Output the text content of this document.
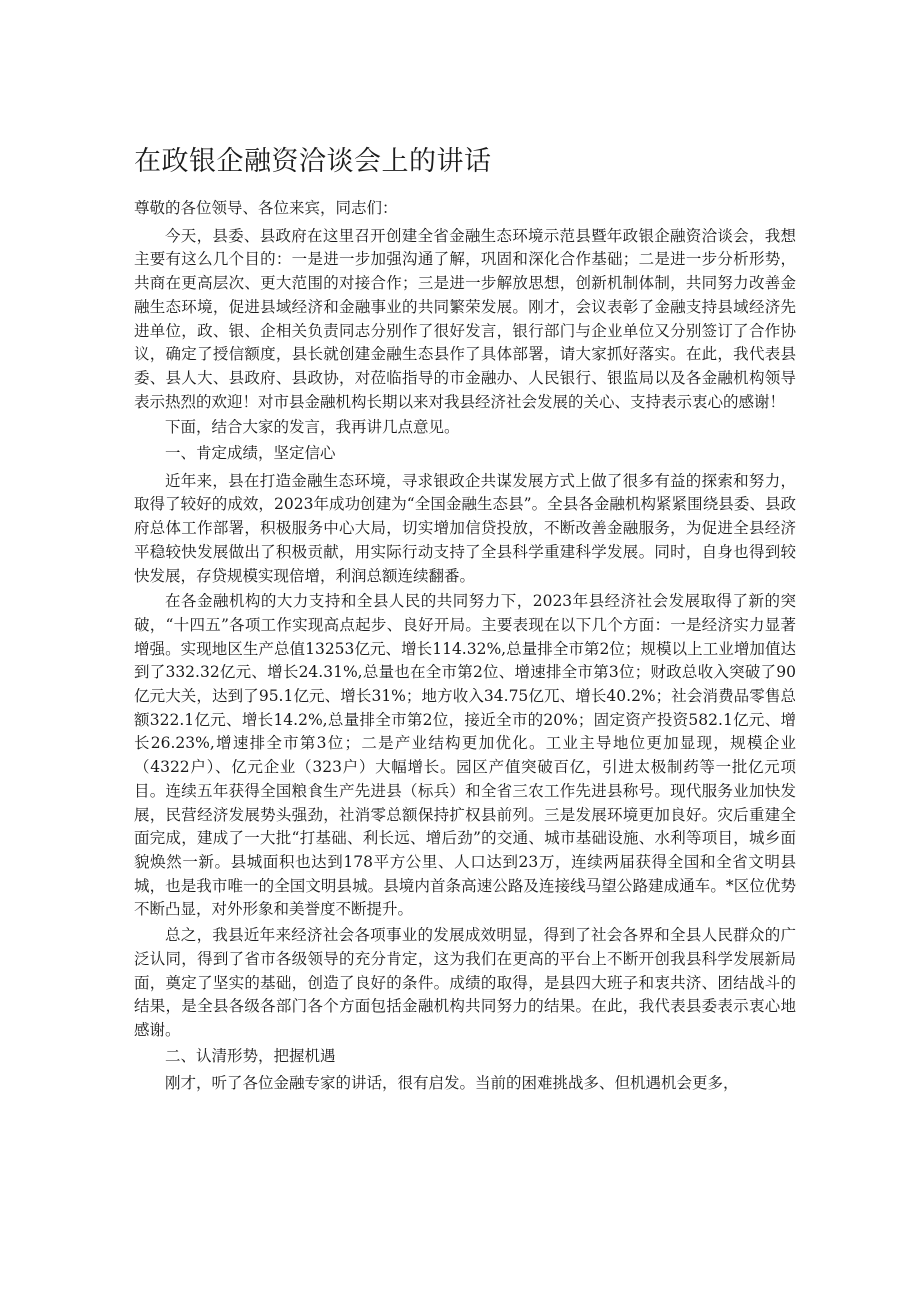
在政银企融资洽谈会上的讲话

尊敬的各位领导、各位来宾，同志们：

今天，县委、县政府在这里召开创建全省金融生态环境示范县暨年政银企融资洽谈会，我想主要有这么几个目的：一是进一步加强沟通了解，巩固和深化合作基础；二是进一步分析形势，共商在更高层次、更大范围的对接合作；三是进一步解放思想，创新机制体制，共同努力改善金融生态环境，促进县域经济和金融事业的共同繁荣发展。刚才，会议表彰了金融支持县域经济先进单位，政、银、企相关负责同志分别作了很好发言，银行部门与企业单位又分别签订了合作协议，确定了授信额度，县长就创建金融生态县作了具体部署，请大家抓好落实。在此，我代表县委、县人大、县政府、县政协，对莅临指导的市金融办、人民银行、银监局以及各金融机构领导表示热烈的欢迎！对市县金融机构长期以来对我县经济社会发展的关心、支持表示衷心的感谢！

下面，结合大家的发言，我再讲几点意见。

一、肯定成绩，坚定信心

近年来，县在打造金融生态环境，寻求银政企共谋发展方式上做了很多有益的探索和努力，取得了较好的成效，2023年成功创建为“全国金融生态县”。全县各金融机构紧紧围绕县委、县政府总体工作部署，积极服务中心大局，切实增加信贷投放，不断改善金融服务，为促进全县经济平稳较快发展做出了积极贡献，用实际行动支持了全县科学重建科学发展。同时，自身也得到较快发展，存贷规模实现倍增，利润总额连续翻番。

在各金融机构的大力支持和全县人民的共同努力下，2023年县经济社会发展取得了新的突破，“十四五”各项工作实现高点起步、良好开局。主要表现在以下几个方面：一是经济实力显著增强。实现地区生产总值13253亿元、增长114.32%,总量排全市第2位；规模以上工业增加值达到了332.32亿元、增长24.31%,总量也在全市第2位、增速排全市第3位；财政总收入突破了90亿元大关，达到了95.1亿元、增长31%；地方收入34.75亿兀、增长40.2%；社会消费品零售总额322.1亿元、增长14.2%,总量排全市第2位，接近全市的20%；固定资产投资582.1亿元、增长26.23%,增速排全市第3位；二是产业结构更加优化。工业主导地位更加显现，规模企业（4322户）、亿元企业（323户）大幅增长。园区产值突破百亿，引进太极制药等一批亿元项目。连续五年获得全国粮食生产先进县（标兵）和全省三农工作先进县称号。现代服务业加快发展，民营经济发展势头强劲，社消零总额保持扩权县前列。三是发展环境更加良好。灾后重建全面完成，建成了一大批“打基础、利长远、增后劲”的交通、城市基础设施、水利等项目，城乡面貌焕然一新。县城面积也达到178平方公里、人口达到23万，连续两届获得全国和全省文明县城，也是我市唯一的全国文明县城。县境内首条高速公路及连接线马望公路建成通车。*区位优势不断凸显，对外形象和美誉度不断提升。

总之，我县近年来经济社会各项事业的发展成效明显，得到了社会各界和全县人民群众的广泛认同，得到了省市各级领导的充分肯定，这为我们在更高的平台上不断开创我县科学发展新局面，奠定了坚实的基础，创造了良好的条件。成绩的取得，是县四大班子和衷共济、团结战斗的结果，是全县各级各部门各个方面包括金融机构共同努力的结果。在此，我代表县委表示衷心地感谢。

二、认清形势，把握机遇

刚才，听了各位金融专家的讲话，很有启发。当前的困难挑战多、但机遇机会更多，
